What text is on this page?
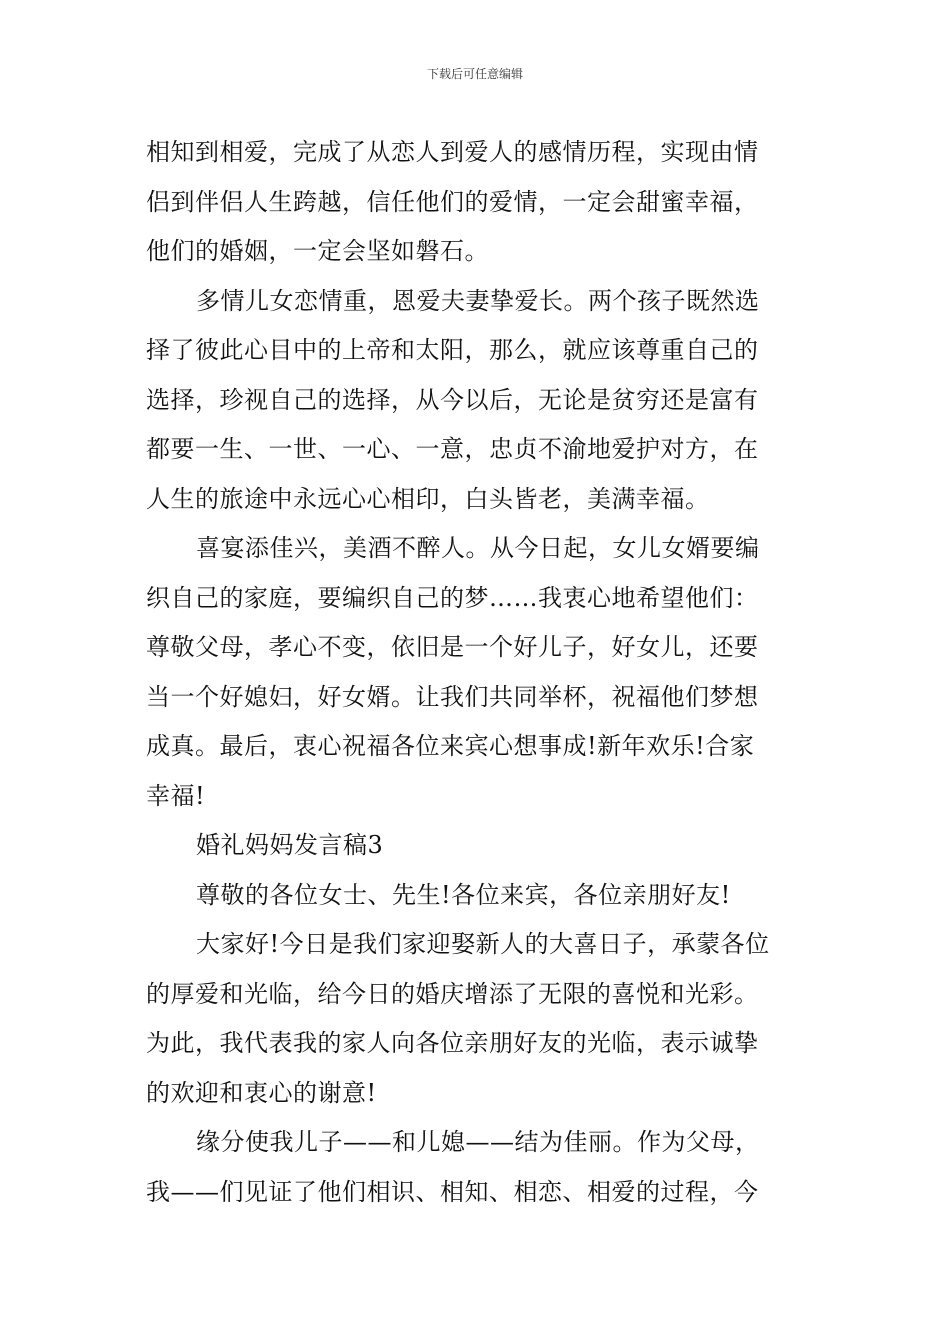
下载后可任意编辑
相知到相爱，完成了从恋人到爱人的感情历程，实现由情
侣到伴侣人生跨越，信任他们的爱情，一定会甜蜜幸福，
他们的婚姻，一定会坚如磐石。
多情儿女恋情重，恩爱夫妻挚爱长。两个孩子既然选
择了彼此心目中的上帝和太阳，那么，就应该尊重自己的
选择，珍视自己的选择，从今以后，无论是贫穷还是富有
都要一生、一世、一心、一意，忠贞不渝地爱护对方，在
人生的旅途中永远心心相印，白头皆老，美满幸福。
喜宴添佳兴，美酒不醉人。从今日起，女儿女婿要编
织自己的家庭，要编织自己的梦……我衷心地希望他们：
尊敬父母，孝心不变，依旧是一个好儿子，好女儿，还要
当一个好媳妇，好女婿。让我们共同举杯，祝福他们梦想
成真。最后，衷心祝福各位来宾心想事成!新年欢乐!合家
幸福!
婚礼妈妈发言稿3
尊敬的各位女士、先生!各位来宾，各位亲朋好友!
大家好!今日是我们家迎娶新人的大喜日子，承蒙各位
的厚爱和光临，给今日的婚庆增添了无限的喜悦和光彩。
为此，我代表我的家人向各位亲朋好友的光临，表示诚挚
的欢迎和衷心的谢意!
缘分使我儿子——和儿媳——结为佳丽。作为父母，
我——们见证了他们相识、相知、相恋、相爱的过程，今
